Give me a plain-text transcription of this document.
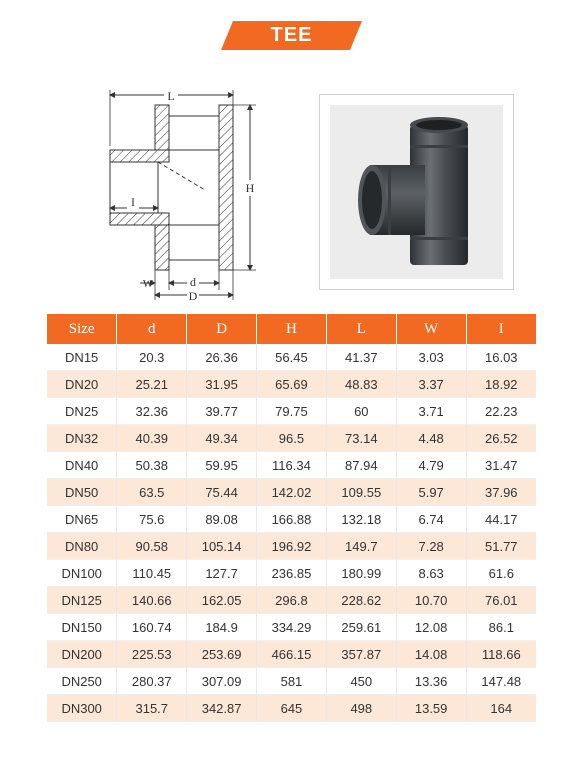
TEE
L
H
I
d
D
W
Size	d	D	H	L	W	I
DN15	20.3	26.36	56.45	41.37	3.03	16.03
DN20	25.21	31.95	65.69	48.83	3.37	18.92
DN25	32.36	39.77	79.75	60	3.71	22.23
DN32	40.39	49.34	96.5	73.14	4.48	26.52
DN40	50.38	59.95	116.34	87.94	4.79	31.47
DN50	63.5	75.44	142.02	109.55	5.97	37.96
DN65	75.6	89.08	166.88	132.18	6.74	44.17
DN80	90.58	105.14	196.92	149.7	7.28	51.77
DN100	110.45	127.7	236.85	180.99	8.63	61.6
DN125	140.66	162.05	296.8	228.62	10.70	76.01
DN150	160.74	184.9	334.29	259.61	12.08	86.1
DN200	225.53	253.69	466.15	357.87	14.08	118.66
DN250	280.37	307.09	581	450	13.36	147.48
DN300	315.7	342.87	645	498	13.59	164
